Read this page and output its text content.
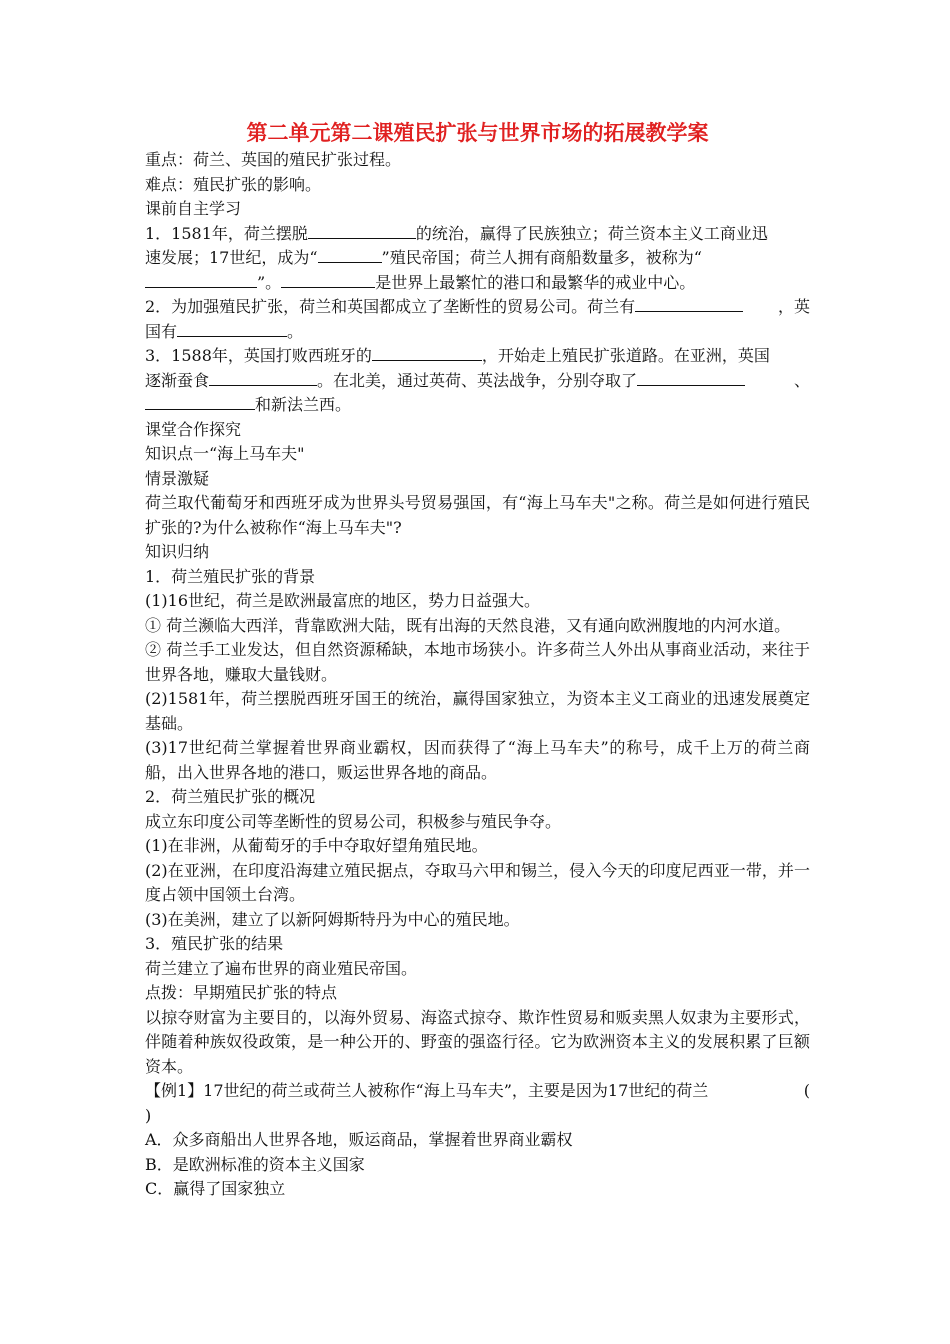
第二单元第二课殖民扩张与世界市场的拓展教学案

重点：荷兰、英国的殖民扩张过程。

难点：殖民扩张的影响。

课前自主学习

1．1581年，荷兰摆脱	的统治，赢得了民族独立；荷兰资本主义工商业迅
速发展；17世纪，成为“	”殖民帝国；荷兰人拥有商船数量多，被称为“
”。	是世界上最繁忙的港口和最繁华的戒业中心。

2．为加强殖民扩张，荷兰和英国都成立了垄断性的贸易公司。荷兰有	，英
国有	。

3．1588年，英国打败西班牙的	，开始走上殖民扩张道路。在亚洲，英国

逐渐蚕食	。在北美，通过英荷、英法战争，分别夺取了	、
和新法兰西。

课堂合作探究

知识点一“海上马车夫"

情景激疑

荷兰取代葡萄牙和西班牙成为世界头号贸易强国，有“海上马车夫"之称。荷兰是如何进行殖民扩张的?为什么被称作“海上马车夫"?

知识归纳

1．荷兰殖民扩张的背景

(1)16世纪，荷兰是欧洲最富庶的地区，势力日益强大。

① 荷兰濒临大西洋，背靠欧洲大陆，既有出海的天然良港，又有通向欧洲腹地的内河水道。

② 荷兰手工业发达，但自然资源稀缺，本地市场狭小。许多荷兰人外出从事商业活动，来往于世界各地，赚取大量钱财。

(2)1581年，荷兰摆脱西班牙国王的统治，赢得国家独立，为资本主义工商业的迅速发展奠定基础。

(3)17世纪荷兰掌握着世界商业霸权，因而获得了“海上马车夫”的称号，成千上万的荷兰商船，出入世界各地的港口，贩运世界各地的商品。

2．荷兰殖民扩张的概况

成立东印度公司等垄断性的贸易公司，积极参与殖民争夺。

(1)在非洲，从葡萄牙的手中夺取好望角殖民地。

(2)在亚洲，在印度沿海建立殖民据点，夺取马六甲和锡兰，侵入今天的印度尼西亚一带，并一度占领中国领土台湾。

(3)在美洲，建立了以新阿姆斯特丹为中心的殖民地。

3．殖民扩张的结果

荷兰建立了遍布世界的商业殖民帝国。

点拨：早期殖民扩张的特点

以掠夺财富为主要目的，以海外贸易、海盗式掠夺、欺诈性贸易和贩卖黑人奴隶为主要形式，伴随着种族奴役政策，是一种公开的、野蛮的强盗行径。它为欧洲资本主义的发展积累了巨额资本。

【例1】17世纪的荷兰或荷兰人被称作“海上马车夫”，主要是因为17世纪的荷兰	(
)

A．众多商船出人世界各地，贩运商品，掌握着世界商业霸权

B．是欧洲标准的资本主义国家

C．赢得了国家独立
